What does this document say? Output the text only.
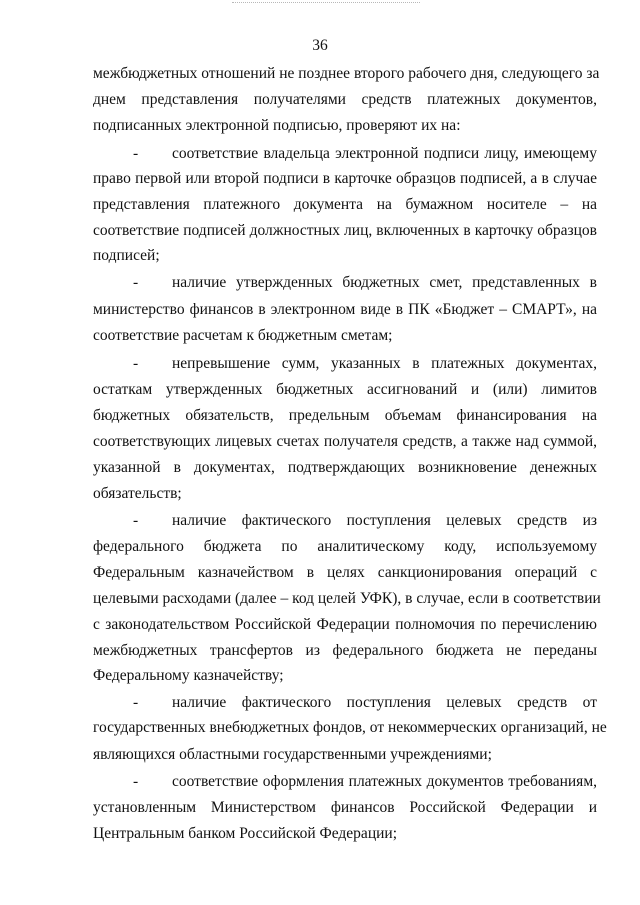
36
межбюджетных отношений не позднее второго рабочего дня, следующего за
днем представления получателями средств платежных документов,
подписанных электронной подписью, проверяют их на:
- соответствие владельца электронной подписи лицу, имеющему
право первой или второй подписи в карточке образцов подписей, а в случае
представления платежного документа на бумажном носителе – на
соответствие подписей должностных лиц, включенных в карточку образцов
подписей;
- наличие утвержденных бюджетных смет, представленных в
министерство финансов в электронном виде в ПК «Бюджет – СМАРТ», на
соответствие расчетам к бюджетным сметам;
- непревышение сумм, указанных в платежных документах,
остаткам утвержденных бюджетных ассигнований и (или) лимитов
бюджетных обязательств, предельным объемам финансирования на
соответствующих лицевых счетах получателя средств, а также над суммой,
указанной в документах, подтверждающих возникновение денежных
обязательств;
- наличие фактического поступления целевых средств из
федерального бюджета по аналитическому коду, используемому
Федеральным казначейством в целях санкционирования операций с
целевыми расходами (далее – код целей УФК), в случае, если в соответствии
с законодательством Российской Федерации полномочия по перечислению
межбюджетных трансфертов из федерального бюджета не переданы
Федеральному казначейству;
- наличие фактического поступления целевых средств от
государственных внебюджетных фондов, от некоммерческих организаций, не
являющихся областными государственными учреждениями;
- соответствие оформления платежных документов требованиям,
установленным Министерством финансов Российской Федерации и
Центральным банком Российской Федерации;
